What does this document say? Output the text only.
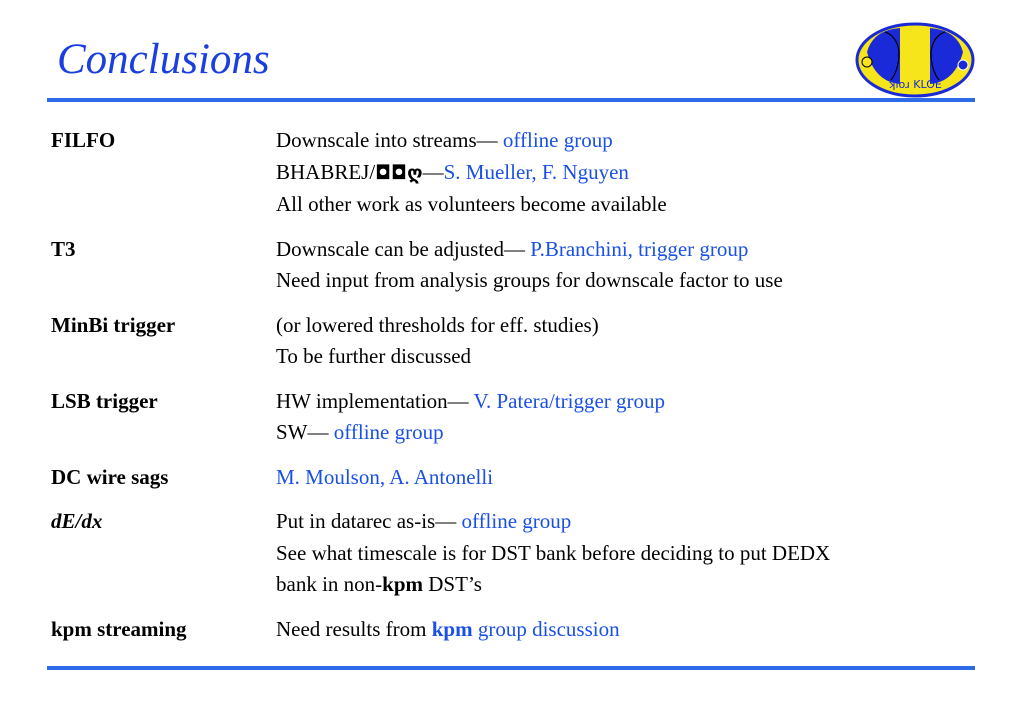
Conclusions
ʞloɹ KLOE
FILFO	Downscale into streams— offline group
BHABREJ/◘◘ღ—S. Mueller, F. Nguyen
All other work as volunteers become available
T3	Downscale can be adjusted— P.Branchini, trigger group
Need input from analysis groups for downscale factor to use
MinBi trigger	(or lowered thresholds for eff. studies)
To be further discussed
LSB trigger	HW implementation— V. Patera/trigger group
SW— offline group
DC wire sags	M. Moulson, A. Antonelli
dE/dx	Put in datarec as-is— offline group
See what timescale is for DST bank before deciding to put DEDX
bank in non-kpm DST’s
kpm streaming	Need results from kpm group discussion
